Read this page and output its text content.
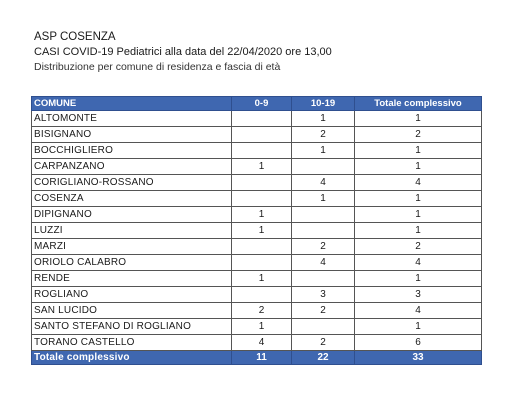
ASP COSENZA
CASI COVID-19 Pediatrici alla data del 22/04/2020 ore 13,00
Distribuzione per comune di residenza e fascia di età
COMUNE	0-9	10-19	Totale complessivo
ALTOMONTE		1	1
BISIGNANO		2	2
BOCCHIGLIERO		1	1
CARPANZANO	1		1
CORIGLIANO-ROSSANO		4	4
COSENZA		1	1
DIPIGNANO	1		1
LUZZI	1		1
MARZI		2	2
ORIOLO CALABRO		4	4
RENDE	1		1
ROGLIANO		3	3
SAN LUCIDO	2	2	4
SANTO STEFANO DI ROGLIANO	1		1
TORANO CASTELLO	4	2	6
Totale complessivo	11	22	33
